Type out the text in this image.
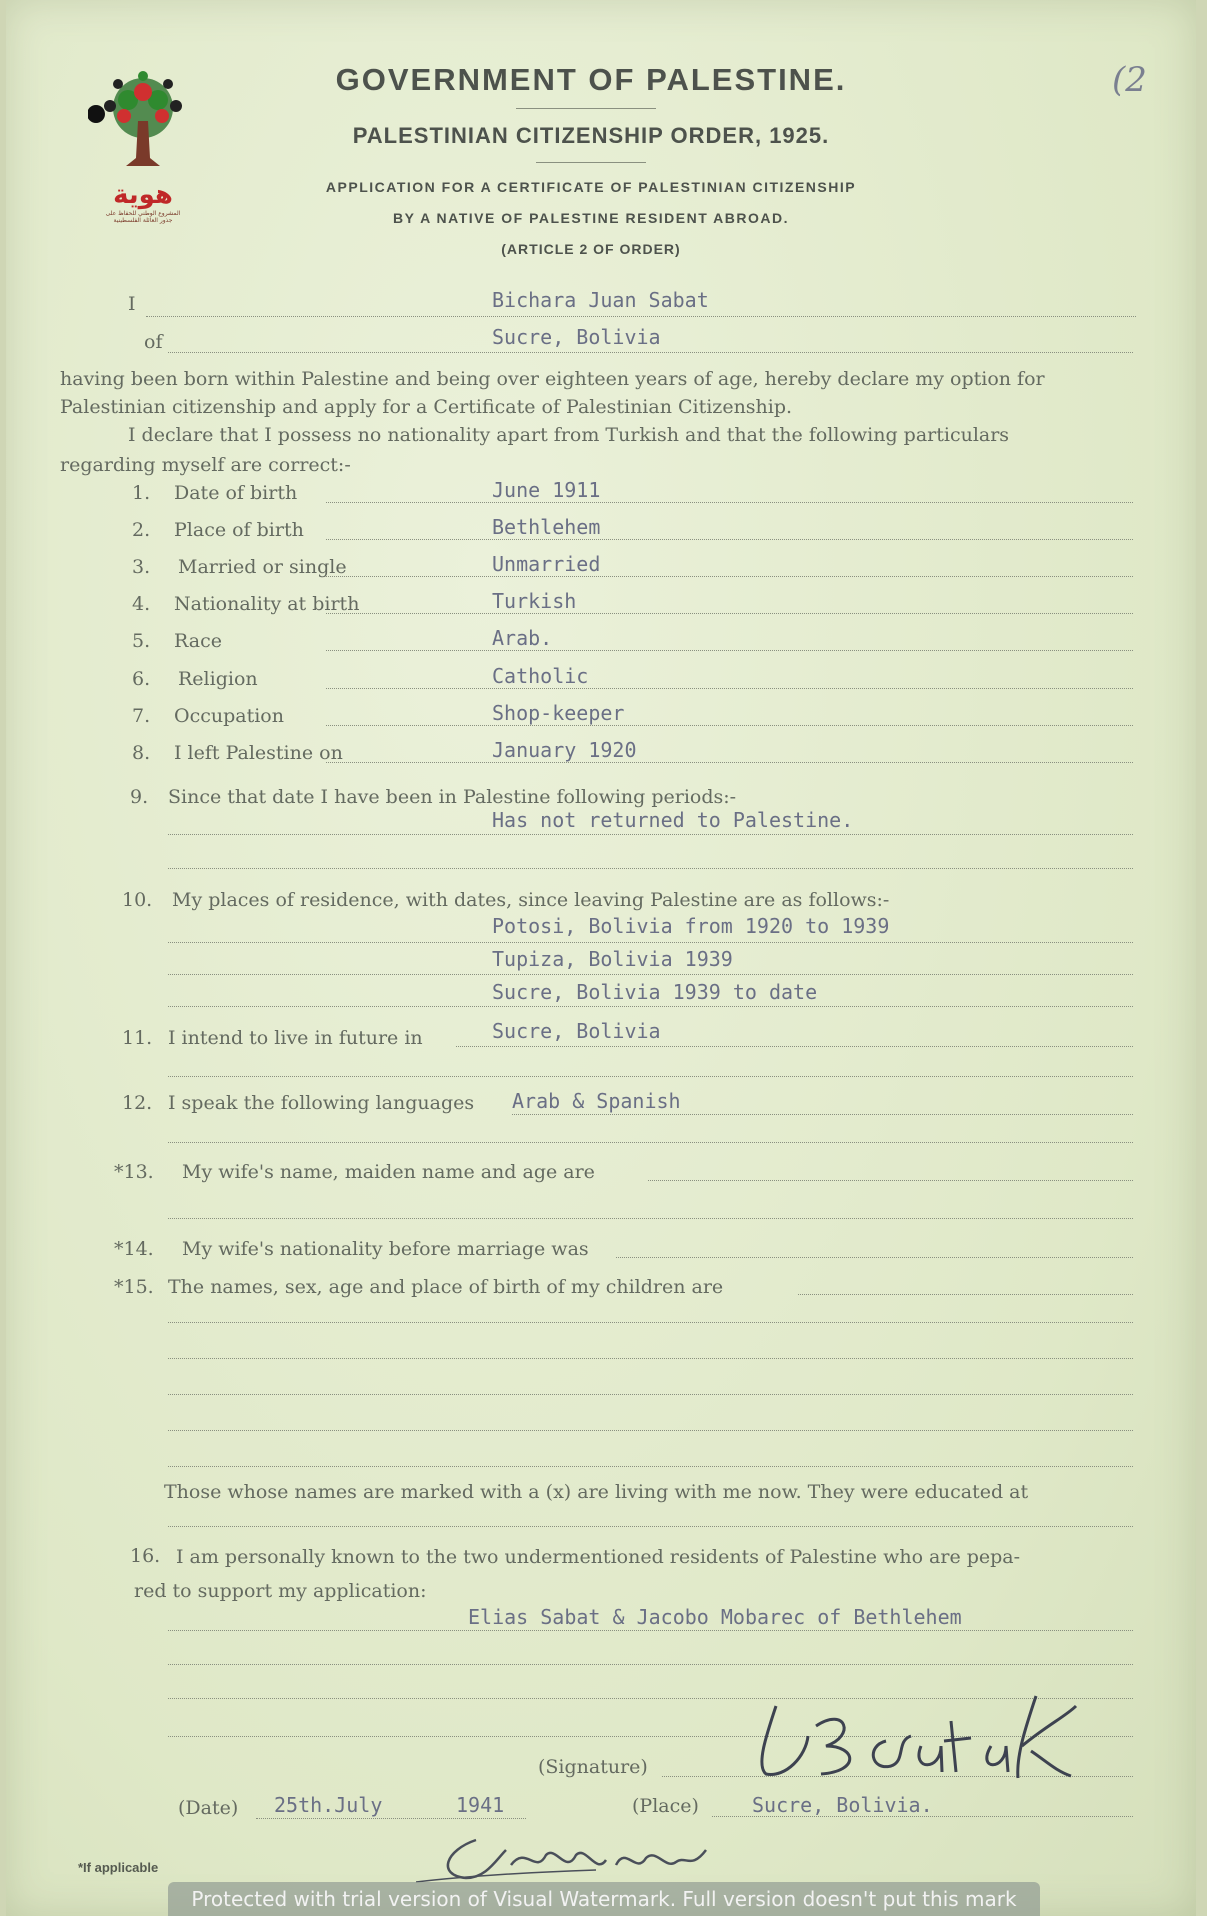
هوية
المشروع الوطني للحفاظ على
جذور العائلة الفلسطينية
GOVERNMENT OF PALESTINE.
PALESTINIAN CITIZENSHIP ORDER, 1925.
APPLICATION FOR A CERTIFICATE OF PALESTINIAN CITIZENSHIP
BY A NATIVE OF PALESTINE RESIDENT ABROAD.
(ARTICLE 2 OF ORDER)
(2
I	Bichara Juan Sabat
of	Sucre, Bolivia
having been born within Palestine and being over eighteen years of age, hereby declare my option for
Palestinian citizenship and apply for a Certificate of Palestinian Citizenship.
I declare that I possess no nationality apart from Turkish and that the following particulars
regarding myself are correct:-
1. Date of birth	June 1911
2. Place of birth	Bethlehem
3. Married or single	Unmarried
4. Nationality at birth	Turkish
5. Race	Arab.
6. Religion	Catholic
7. Occupation	Shop-keeper
8. I left Palestine on	January 1920
9. Since that date I have been in Palestine following periods:-
Has not returned to Palestine.
10. My places of residence, with dates, since leaving Palestine are as follows:-
Potosi, Bolivia from 1920 to 1939
Tupiza, Bolivia 1939
Sucre, Bolivia 1939 to date
11. I intend to live in future in	Sucre, Bolivia
12. I speak the following languages Arab & Spanish
*13. My wife's name, maiden name and age are
*14. My wife's nationality before marriage was
*15. The names, sex, age and place of birth of my children are
Those whose names are marked with a (x) are living with me now. They were educated at
16. I am personally known to the two undermentioned residents of Palestine who are pepa-
red to support my application:
Elias Sabat & Jacobo Mobarec of Bethlehem
(Signature)
(Date) 25th.July	1941	(Place)	Sucre, Bolivia.
*If applicable
Protected with trial version of Visual Watermark. Full version doesn't put this mark
